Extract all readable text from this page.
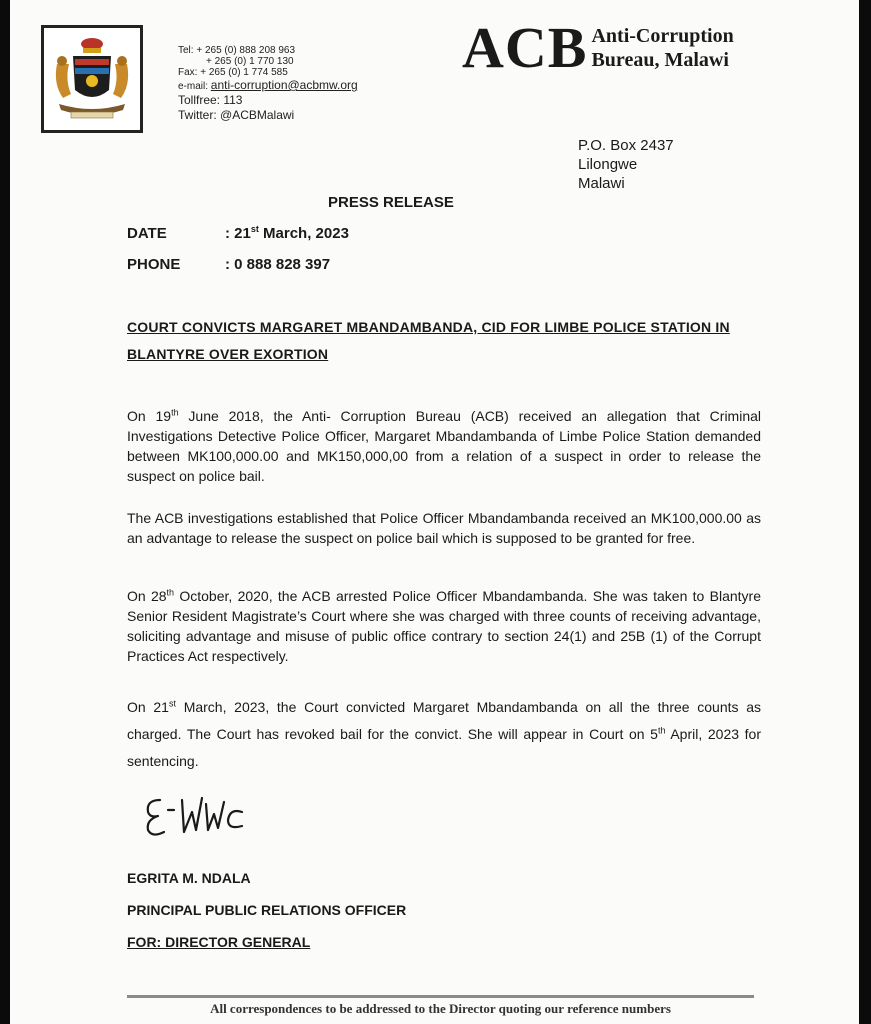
Tel: + 265 (0) 888 208 963
+ 265 (0) 1 770 130
Fax: + 265 (0) 1 774 585
e-mail: anti-corruption@acbmw.org
Tollfree: 113
Twitter: @ACBMalawi
ACB Anti-Corruption
Bureau, Malawi
P.O. Box 2437
Lilongwe
Malawi
PRESS RELEASE
DATE	: 21st March, 2023
PHONE	: 0 888 828 397
COURT CONVICTS MARGARET MBANDAMBANDA, CID FOR LIMBE POLICE STATION IN BLANTYRE OVER EXORTION
On 19th June 2018, the Anti- Corruption Bureau (ACB) received an allegation that Criminal Investigations Detective Police Officer, Margaret Mbandambanda of Limbe Police Station demanded between MK100,000.00 and MK150,000,00 from a relation of a suspect in order to release the suspect on police bail.
The ACB investigations established that Police Officer Mbandambanda received an MK100,000.00 as an advantage to release the suspect on police bail which is supposed to be granted for free.
On 28th October, 2020, the ACB arrested Police Officer Mbandambanda. She was taken to Blantyre Senior Resident Magistrate’s Court where she was charged with three counts of receiving advantage, soliciting advantage and misuse of public office contrary to section 24(1) and 25B (1) of the Corrupt Practices Act respectively.
On 21st March, 2023, the Court convicted Margaret Mbandambanda on all the three counts as charged. The Court has revoked bail for the convict. She will appear in Court on 5th April, 2023 for sentencing.
EGRITA M. NDALA
PRINCIPAL PUBLIC RELATIONS OFFICER
FOR: DIRECTOR GENERAL
All correspondences to be addressed to the Director quoting our reference numbers
